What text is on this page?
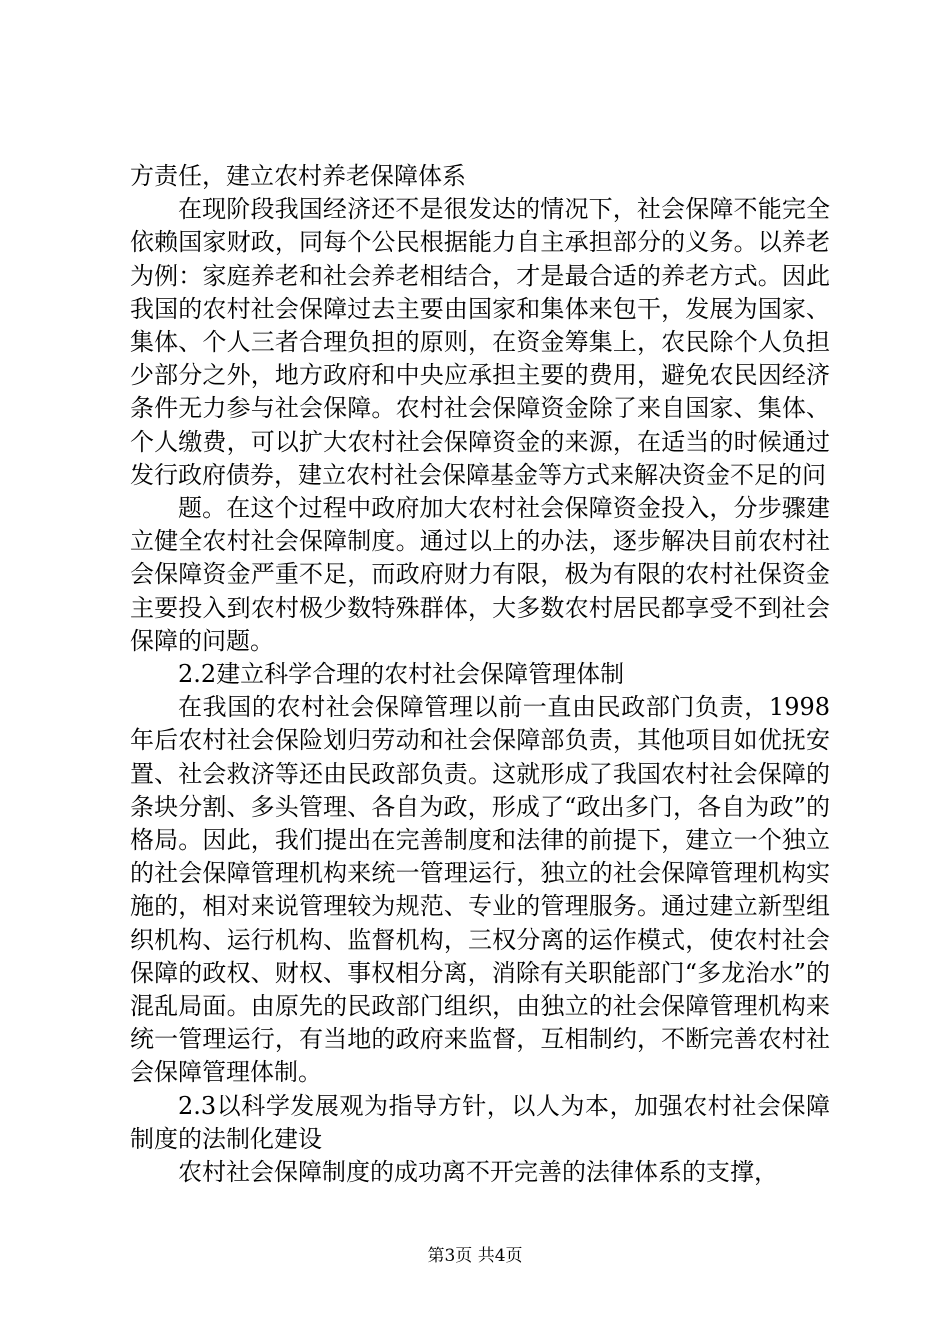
方责任，建立农村养老保障体系

在现阶段我国经济还不是很发达的情况下，社会保障不能完全依赖国家财政，同每个公民根据能力自主承担部分的义务。以养老为例：家庭养老和社会养老相结合，才是最合适的养老方式。因此我国的农村社会保障过去主要由国家和集体来包干，发展为国家、集体、个人三者合理负担的原则，在资金筹集上，农民除个人负担少部分之外，地方政府和中央应承担主要的费用，避免农民因经济条件无力参与社会保障。农村社会保障资金除了来自国家、集体、个人缴费，可以扩大农村社会保障资金的来源，在适当的时候通过发行政府债券，建立农村社会保障基金等方式来解决资金不足的问

题。在这个过程中政府加大农村社会保障资金投入，分步骤建立健全农村社会保障制度。通过以上的办法，逐步解决目前农村社会保障资金严重不足，而政府财力有限，极为有限的农村社保资金主要投入到农村极少数特殊群体，大多数农村居民都享受不到社会保障的问题。

2.2建立科学合理的农村社会保障管理体制

在我国的农村社会保障管理以前一直由民政部门负责，1998年后农村社会保险划归劳动和社会保障部负责，其他项目如优抚安置、社会救济等还由民政部负责。这就形成了我国农村社会保障的条块分割、多头管理、各自为政，形成了“政出多门，各自为政”的格局。因此，我们提出在完善制度和法律的前提下，建立一个独立的社会保障管理机构来统一管理运行，独立的社会保障管理机构实施的，相对来说管理较为规范、专业的管理服务。通过建立新型组织机构、运行机构、监督机构，三权分离的运作模式，使农村社会保障的政权、财权、事权相分离，消除有关职能部门“多龙治水”的混乱局面。由原先的民政部门组织，由独立的社会保障管理机构来统一管理运行，有当地的政府来监督，互相制约，不断完善农村社会保障管理体制。

2.3以科学发展观为指导方针，以人为本，加强农村社会保障制度的法制化建设

农村社会保障制度的成功离不开完善的法律体系的支撑，

第3页 共4页
